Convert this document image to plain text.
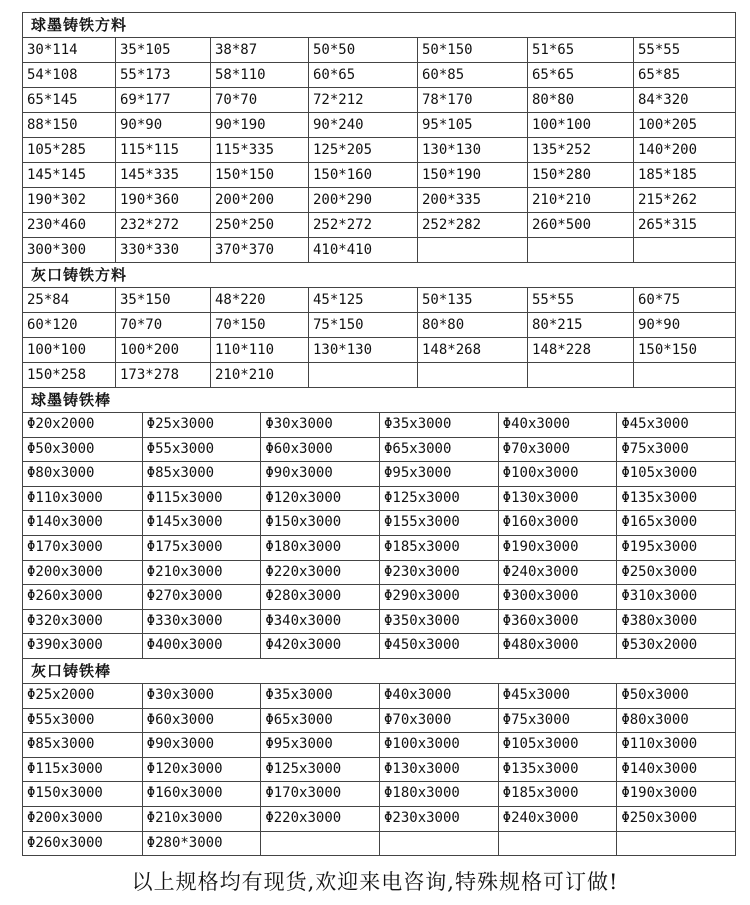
球墨铸铁方料
30*114	35*105	38*87	50*50	50*150	51*65	55*55
54*108	55*173	58*110	60*65	60*85	65*65	65*85
65*145	69*177	70*70	72*212	78*170	80*80	84*320
88*150	90*90	90*190	90*240	95*105	100*100	100*205
105*285	115*115	115*335	125*205	130*130	135*252	140*200
145*145	145*335	150*150	150*160	150*190	150*280	185*185
190*302	190*360	200*200	200*290	200*335	210*210	215*262
230*460	232*272	250*250	252*272	252*282	260*500	265*315
300*300	330*330	370*370	410*410
灰口铸铁方料
25*84	35*150	48*220	45*125	50*135	55*55	60*75
60*120	70*70	70*150	75*150	80*80	80*215	90*90
100*100	100*200	110*110	130*130	148*268	148*228	150*150
150*258	173*278	210*210
球墨铸铁棒
Φ20x2000	Φ25x3000	Φ30x3000	Φ35x3000	Φ40x3000	Φ45x3000
Φ50x3000	Φ55x3000	Φ60x3000	Φ65x3000	Φ70x3000	Φ75x3000
Φ80x3000	Φ85x3000	Φ90x3000	Φ95x3000	Φ100x3000	Φ105x3000
Φ110x3000	Φ115x3000	Φ120x3000	Φ125x3000	Φ130x3000	Φ135x3000
Φ140x3000	Φ145x3000	Φ150x3000	Φ155x3000	Φ160x3000	Φ165x3000
Φ170x3000	Φ175x3000	Φ180x3000	Φ185x3000	Φ190x3000	Φ195x3000
Φ200x3000	Φ210x3000	Φ220x3000	Φ230x3000	Φ240x3000	Φ250x3000
Φ260x3000	Φ270x3000	Φ280x3000	Φ290x3000	Φ300x3000	Φ310x3000
Φ320x3000	Φ330x3000	Φ340x3000	Φ350x3000	Φ360x3000	Φ380x3000
Φ390x3000	Φ400x3000	Φ420x3000	Φ450x3000	Φ480x3000	Φ530x2000
灰口铸铁棒
Φ25x2000	Φ30x3000	Φ35x3000	Φ40x3000	Φ45x3000	Φ50x3000
Φ55x3000	Φ60x3000	Φ65x3000	Φ70x3000	Φ75x3000	Φ80x3000
Φ85x3000	Φ90x3000	Φ95x3000	Φ100x3000	Φ105x3000	Φ110x3000
Φ115x3000	Φ120x3000	Φ125x3000	Φ130x3000	Φ135x3000	Φ140x3000
Φ150x3000	Φ160x3000	Φ170x3000	Φ180x3000	Φ185x3000	Φ190x3000
Φ200x3000	Φ210x3000	Φ220x3000	Φ230x3000	Φ240x3000	Φ250x3000
Φ260x3000	Φ280*3000
以上规格均有现货,欢迎来电咨询,特殊规格可订做!
